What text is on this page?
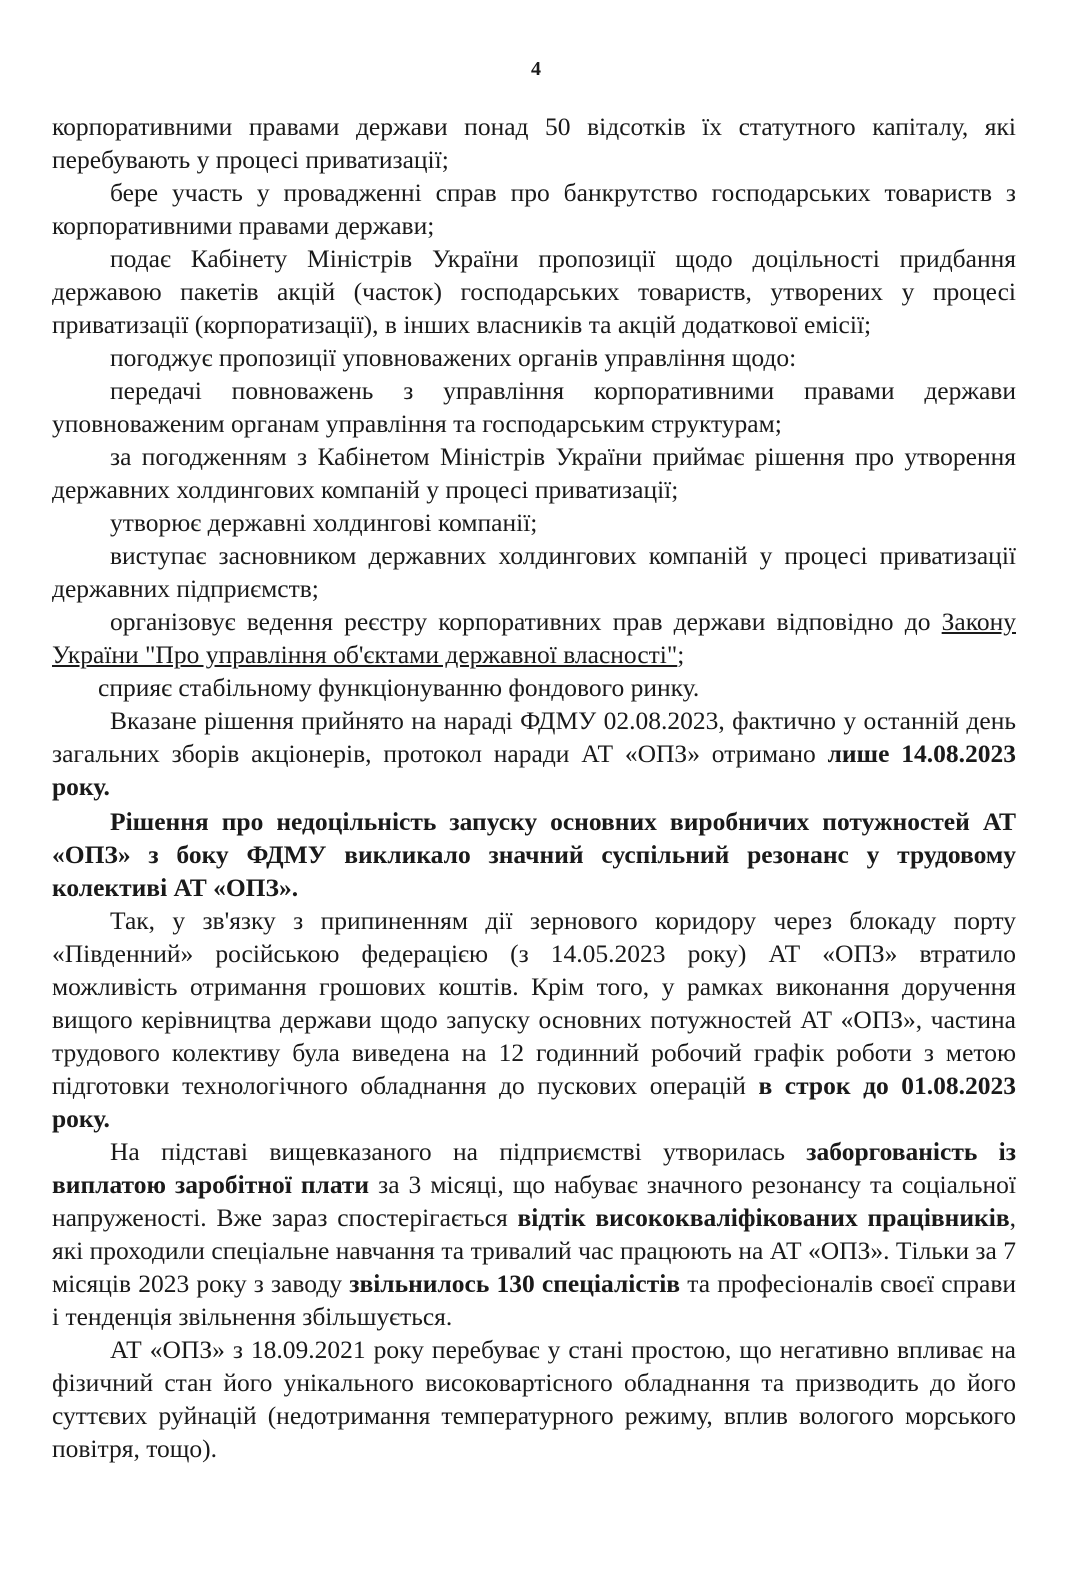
4

корпоративними правами держави понад 50 відсотків їх статутного капіталу, які перебувають у процесі приватизації;

бере участь у провадженні справ про банкрутство господарських товариств з корпоративними правами держави;

подає Кабінету Міністрів України пропозиції щодо доцільності придбання державою пакетів акцій (часток) господарських товариств, утворених у процесі приватизації (корпоратизації), в інших власників та акцій додаткової емісії;

погоджує пропозиції уповноважених органів управління щодо:

передачі повноважень з управління корпоративними правами держави уповноваженим органам управління та господарським структурам;

за погодженням з Кабінетом Міністрів України приймає рішення про утворення державних холдингових компаній у процесі приватизації;

утворює державні холдингові компанії;

виступає засновником державних холдингових компаній у процесі приватизації державних підприємств;

організовує ведення реєстру корпоративних прав держави відповідно до Закону України "Про управління об'єктами державної власності";

сприяє стабільному функціонуванню фондового ринку.

Вказане рішення прийнято на нараді ФДМУ 02.08.2023, фактично у останній день загальних зборів акціонерів, протокол наради АТ «ОПЗ» отримано лише 14.08.2023 року.

Рішення про недоцільність запуску основних виробничих потужностей АТ «ОПЗ» з боку ФДМУ викликало значний суспільний резонанс у трудовому колективі АТ «ОПЗ».

Так, у зв'язку з припиненням дії зернового коридору через блокаду порту «Південний» російською федерацією (з 14.05.2023 року) АТ «ОПЗ» втратило можливість отримання грошових коштів. Крім того, у рамках виконання доручення вищого керівництва держави щодо запуску основних потужностей АТ «ОПЗ», частина трудового колективу була виведена на 12 годинний робочий графік роботи з метою підготовки технологічного обладнання до пускових операцій в строк до 01.08.2023 року.

На підставі вищевказаного на підприємстві утворилась заборгованість із виплатою заробітної плати за 3 місяці, що набуває значного резонансу та соціальної напруженості. Вже зараз спостерігається відтік висококваліфікованих працівників, які проходили спеціальне навчання та тривалий час працюють на АТ «ОПЗ». Тільки за 7 місяців 2023 року з заводу звільнилось 130 спеціалістів та професіоналів своєї справи і тенденція звільнення збільшується.

АТ «ОПЗ» з 18.09.2021 року перебуває у стані простою, що негативно впливає на фізичний стан його унікального високовартісного обладнання та призводить до його суттєвих руйнацій (недотримання температурного режиму, вплив вологого морського повітря, тощо).
